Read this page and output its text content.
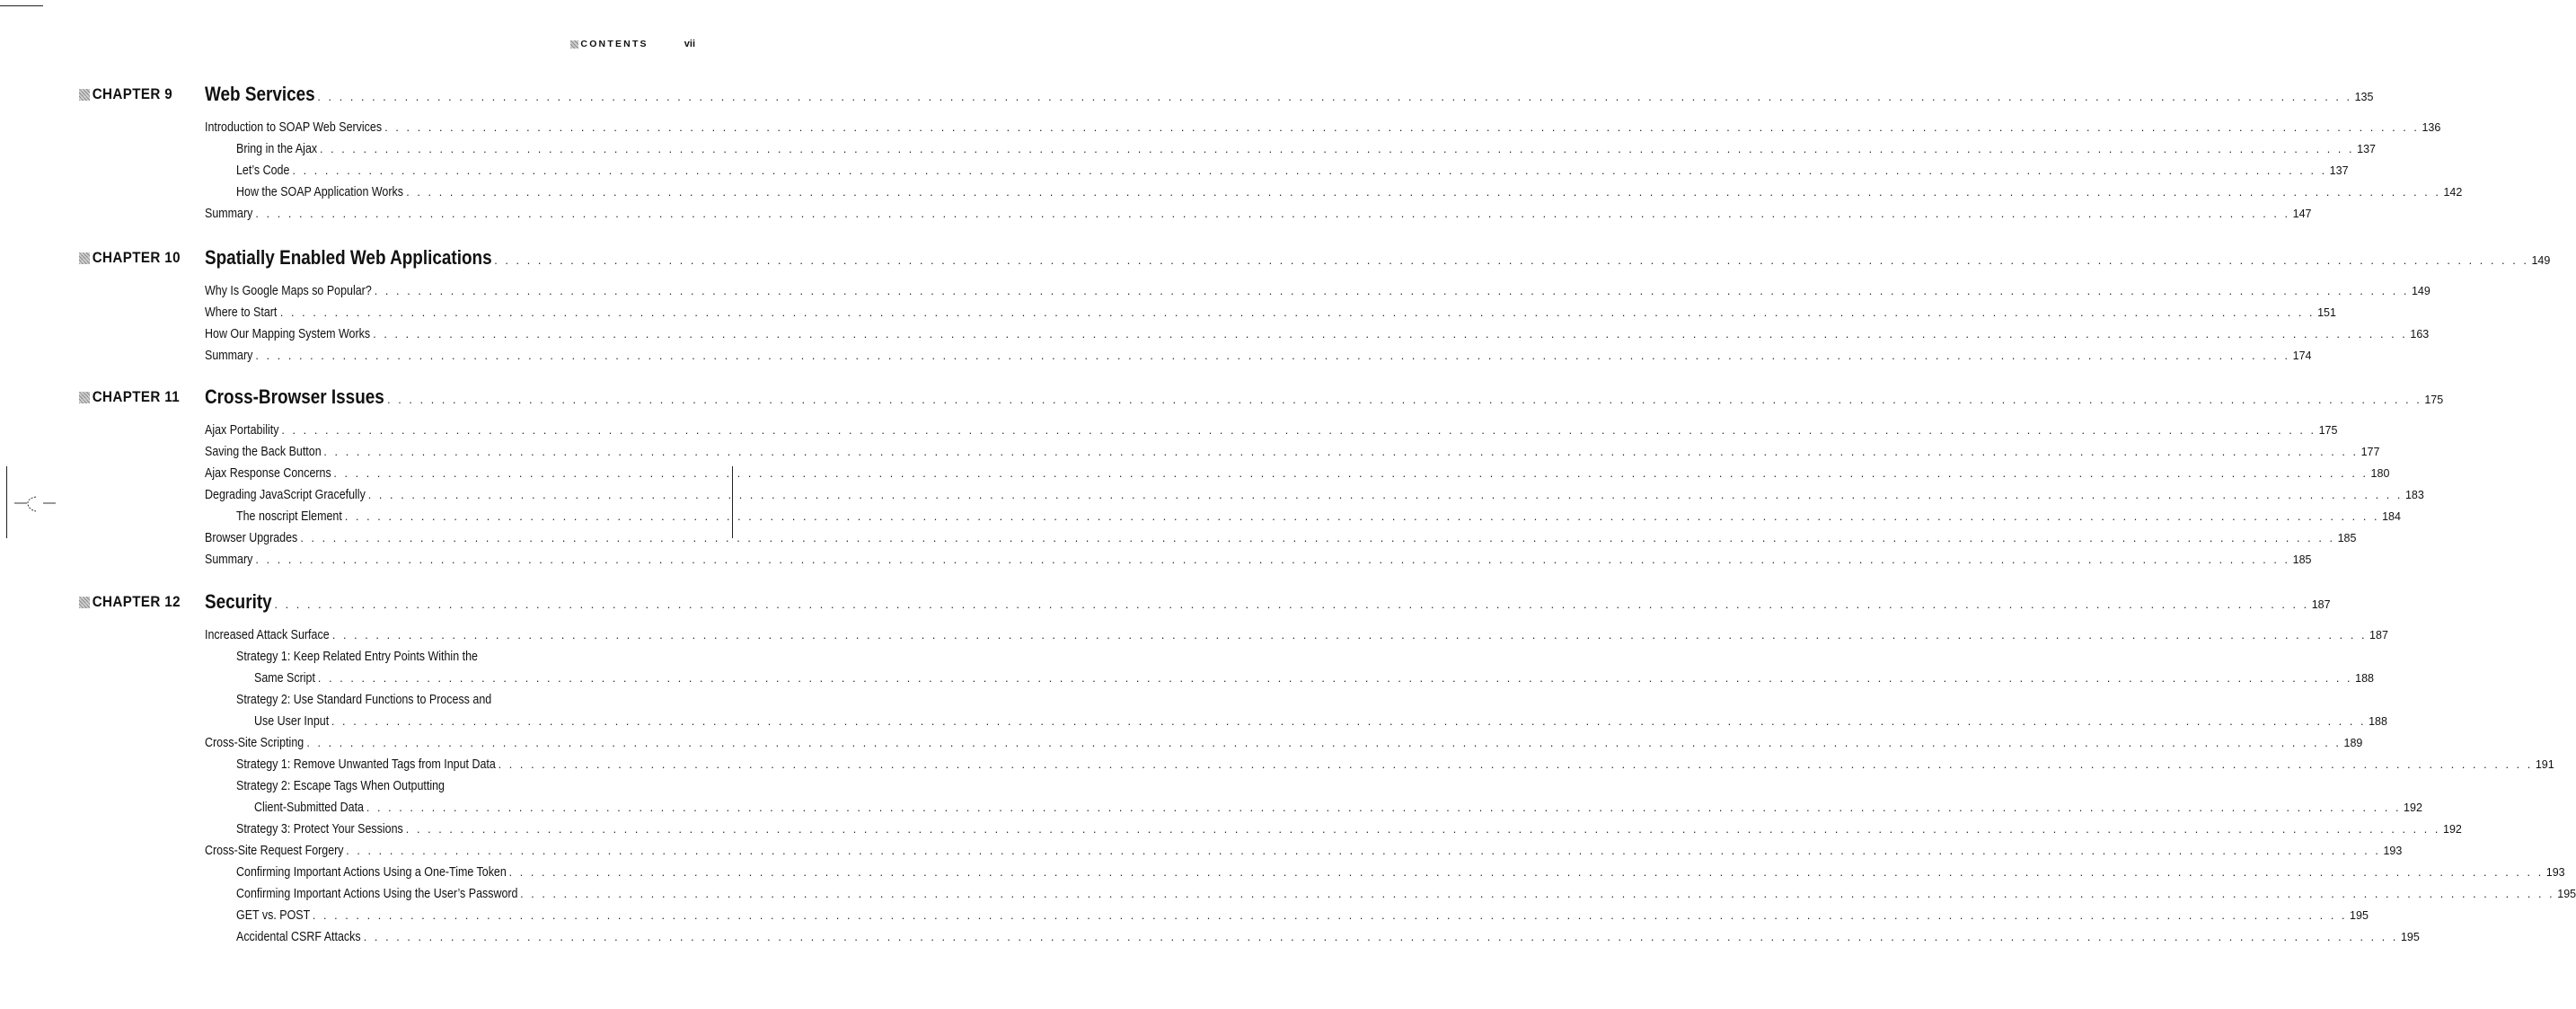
CONTENTS	vii
CHAPTER 9 Web Services . . .	135
Introduction to SOAP Web Services . . .	136
Bring in the Ajax . . .	137
Let’s Code . . .	137
How the SOAP Application Works . . .	142
Summary . . .	147
CHAPTER 10 Spatially Enabled Web Applications . . .	149
Why Is Google Maps so Popular? . . .	149
Where to Start . . .	151
How Our Mapping System Works . . .	163
Summary . . .	174
CHAPTER 11 Cross-Browser Issues . . .	175
Ajax Portability . . .	175
Saving the Back Button . . .	177
Ajax Response Concerns . . .	180
Degrading JavaScript Gracefully . . .	183
The noscript Element . . .	184
Browser Upgrades . . .	185
Summary . . .	185
CHAPTER 12 Security . . .	187
Increased Attack Surface . . .	187
Strategy 1: Keep Related Entry Points Within the
Same Script . . .	188
Strategy 2: Use Standard Functions to Process and
Use User Input . . .	188
Cross-Site Scripting . . .	189
Strategy 1: Remove Unwanted Tags from Input Data . . .	191
Strategy 2: Escape Tags When Outputting
Client-Submitted Data . . .	192
Strategy 3: Protect Your Sessions . . .	192
Cross-Site Request Forgery . . .	193
Confirming Important Actions Using a One-Time Token . . .	193
Confirming Important Actions Using the User’s Password . . .	195
GET vs. POST . . .	195
Accidental CSRF Attacks . . .	195
